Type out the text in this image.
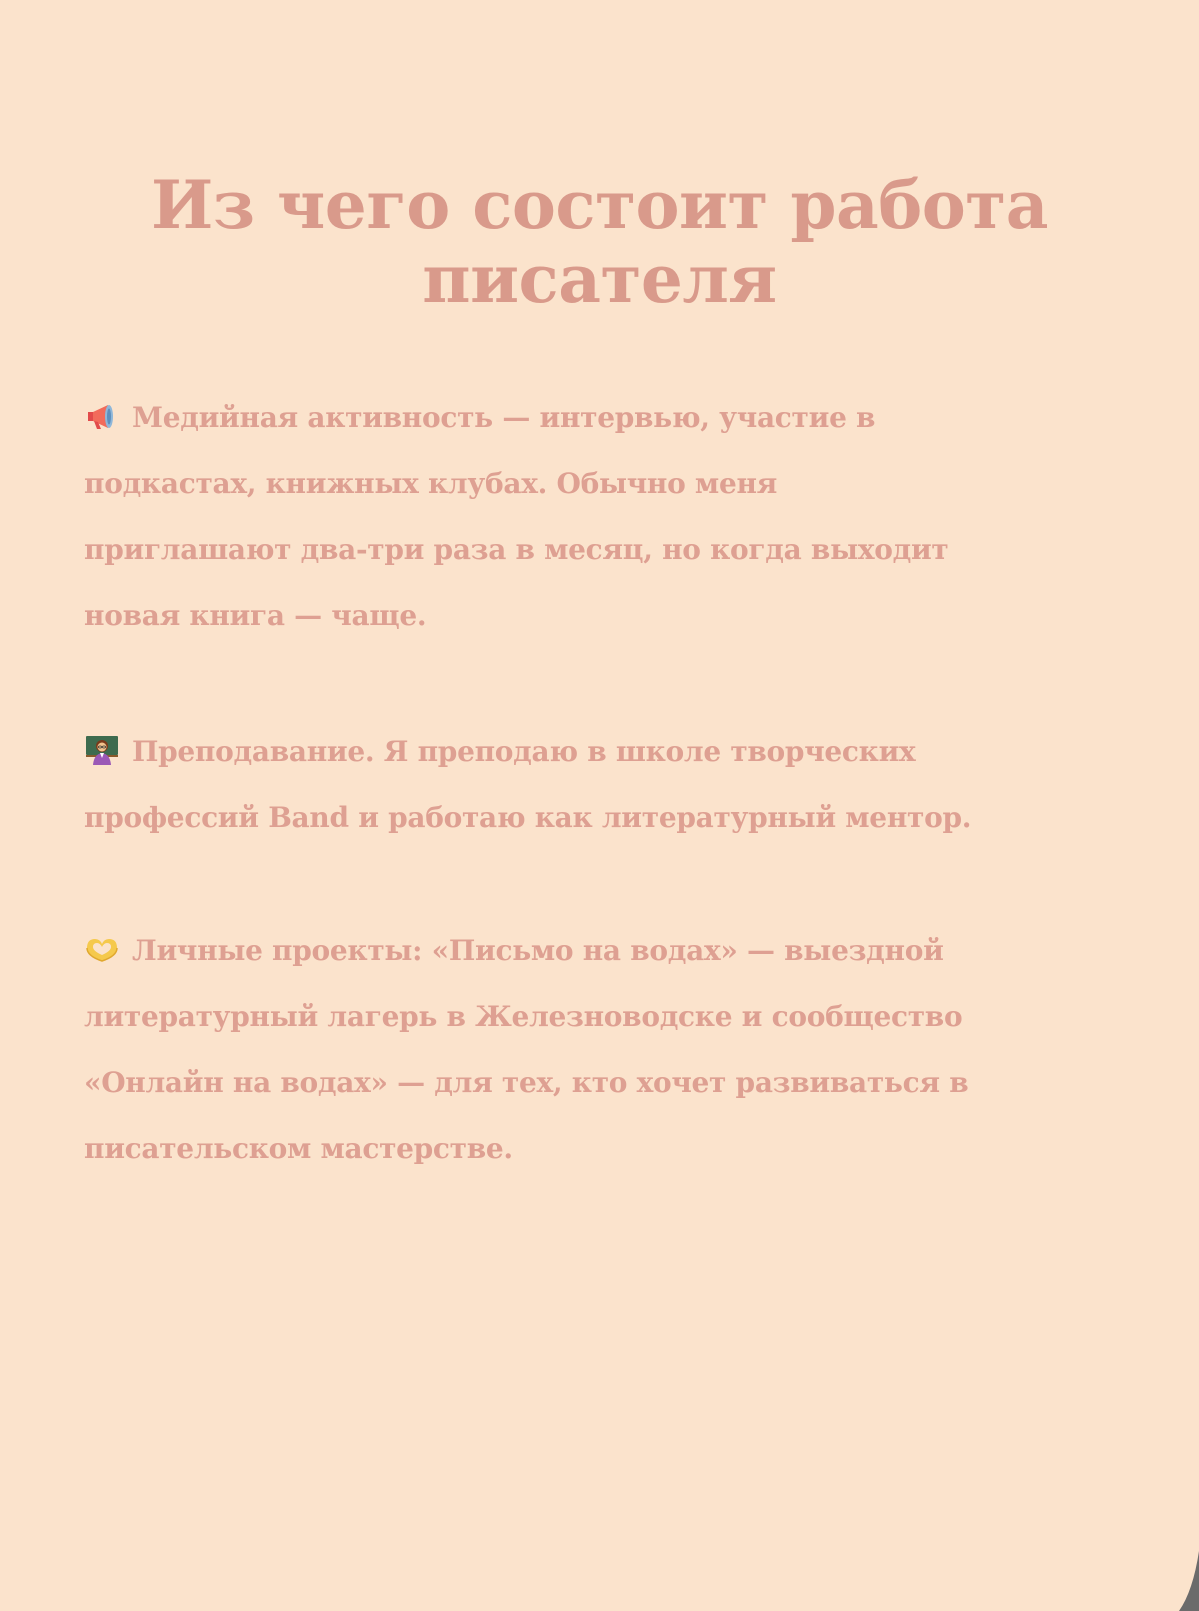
Из чего состоит работа
писателя
Медийная активность — интервью, участие в
подкастах, книжных клубах. Обычно меня
приглашают два-три раза в месяц, но когда выходит
новая книга — чаще.
Преподавание. Я преподаю в школе творческих
профессий Band и работаю как литературный ментор.
Личные проекты: «Письмо на водах» — выездной
литературный лагерь в Железноводске и сообщество
«Онлайн на водах» — для тех, кто хочет развиваться в
писательском мастерстве.
